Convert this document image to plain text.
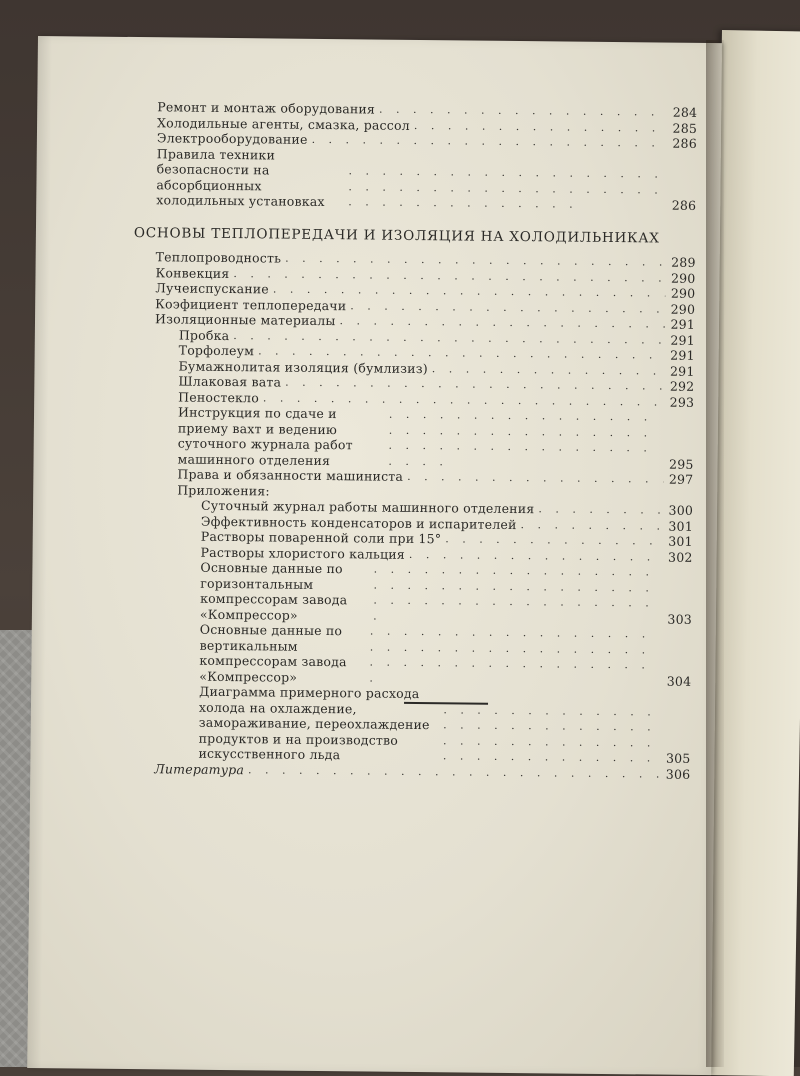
Ремонт и монтаж оборудования . . .	284
Холодильные агенты, смазка, рассол . . .	285
Электрооборудование . . .	286
Правила техники безопасности на абсорбционных холодильных установках . . .	286
ОСНОВЫ ТЕПЛОПЕРЕДАЧИ И ИЗОЛЯЦИЯ НА ХОЛОДИЛЬНИКАХ
Теплопроводность . . .	289
Конвекция . . .	290
Лучеиспускание . . .	290
Коэфициент теплопередачи . . .	290
Изоляционные материалы . . .	291
Пробка . . .	291
Торфолеум . . .	291
Бумажнолитая изоляция (бумлизиз) . . .	291
Шлаковая вата . . .	292
Пеностекло . . .	293
Инструкция по сдаче и приему вахт и ведению суточного журнала работ машинного отделения . . .	295
Права и обязанности машиниста . . .	297
Приложения:
Суточный журнал работы машинного отделения . . .	300
Эффективность конденсаторов и испарителей . . .	301
Растворы поваренной соли при 15° . . .	301
Растворы хлористого кальция . . .	302
Основные данные по горизонтальным компрессорам завода «Компрессор» . . .	303
Основные данные по вертикальным компрессорам завода «Компрессор» . . .	304
Диаграмма примерного расхода холода на охлаждение, замораживание, переохлаждение продуктов и на производство искусственного льда . . .	305
Литература . . .	306
